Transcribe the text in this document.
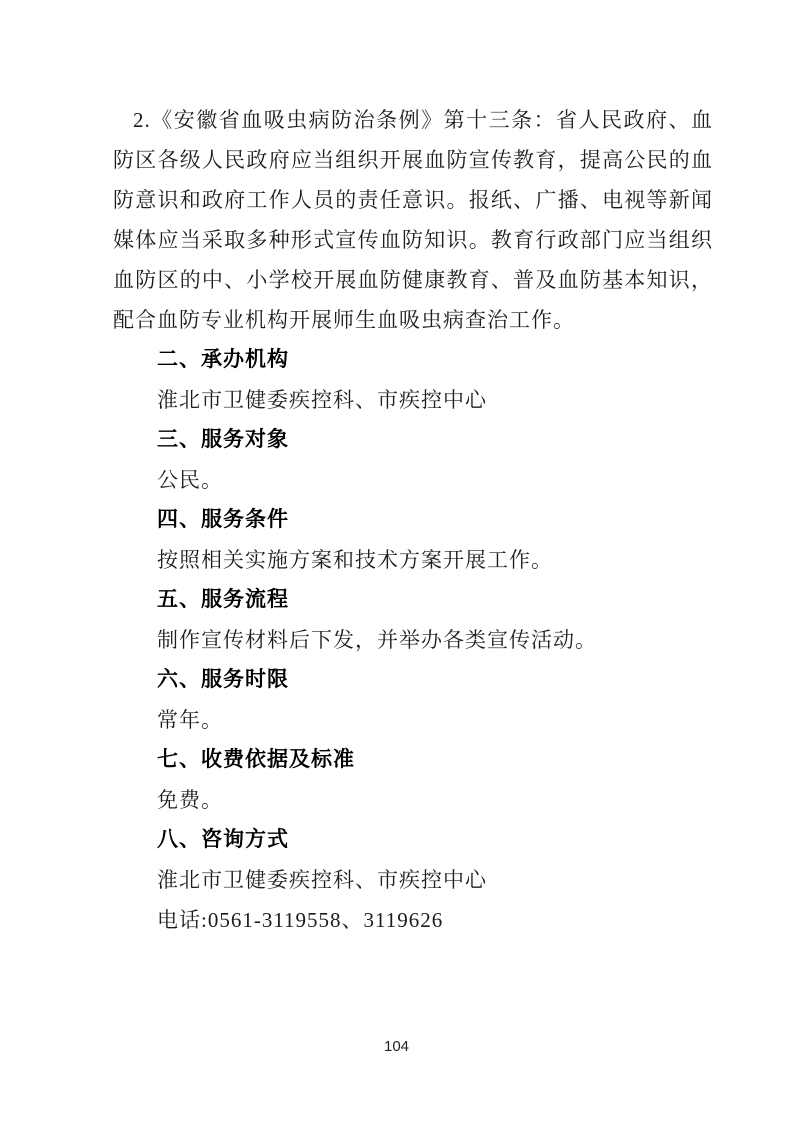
2.《安徽省血吸虫病防治条例》第十三条：省人民政府、血防区各级人民政府应当组织开展血防宣传教育，提高公民的血防意识和政府工作人员的责任意识。报纸、广播、电视等新闻媒体应当采取多种形式宣传血防知识。教育行政部门应当组织血防区的中、小学校开展血防健康教育、普及血防基本知识，配合血防专业机构开展师生血吸虫病查治工作。
二、承办机构
淮北市卫健委疾控科、市疾控中心
三、服务对象
公民。
四、服务条件
按照相关实施方案和技术方案开展工作。
五、服务流程
制作宣传材料后下发，并举办各类宣传活动。
六、服务时限
常年。
七、收费依据及标准
免费。
八、咨询方式
淮北市卫健委疾控科、市疾控中心
电话:0561-3119558、3119626
104
